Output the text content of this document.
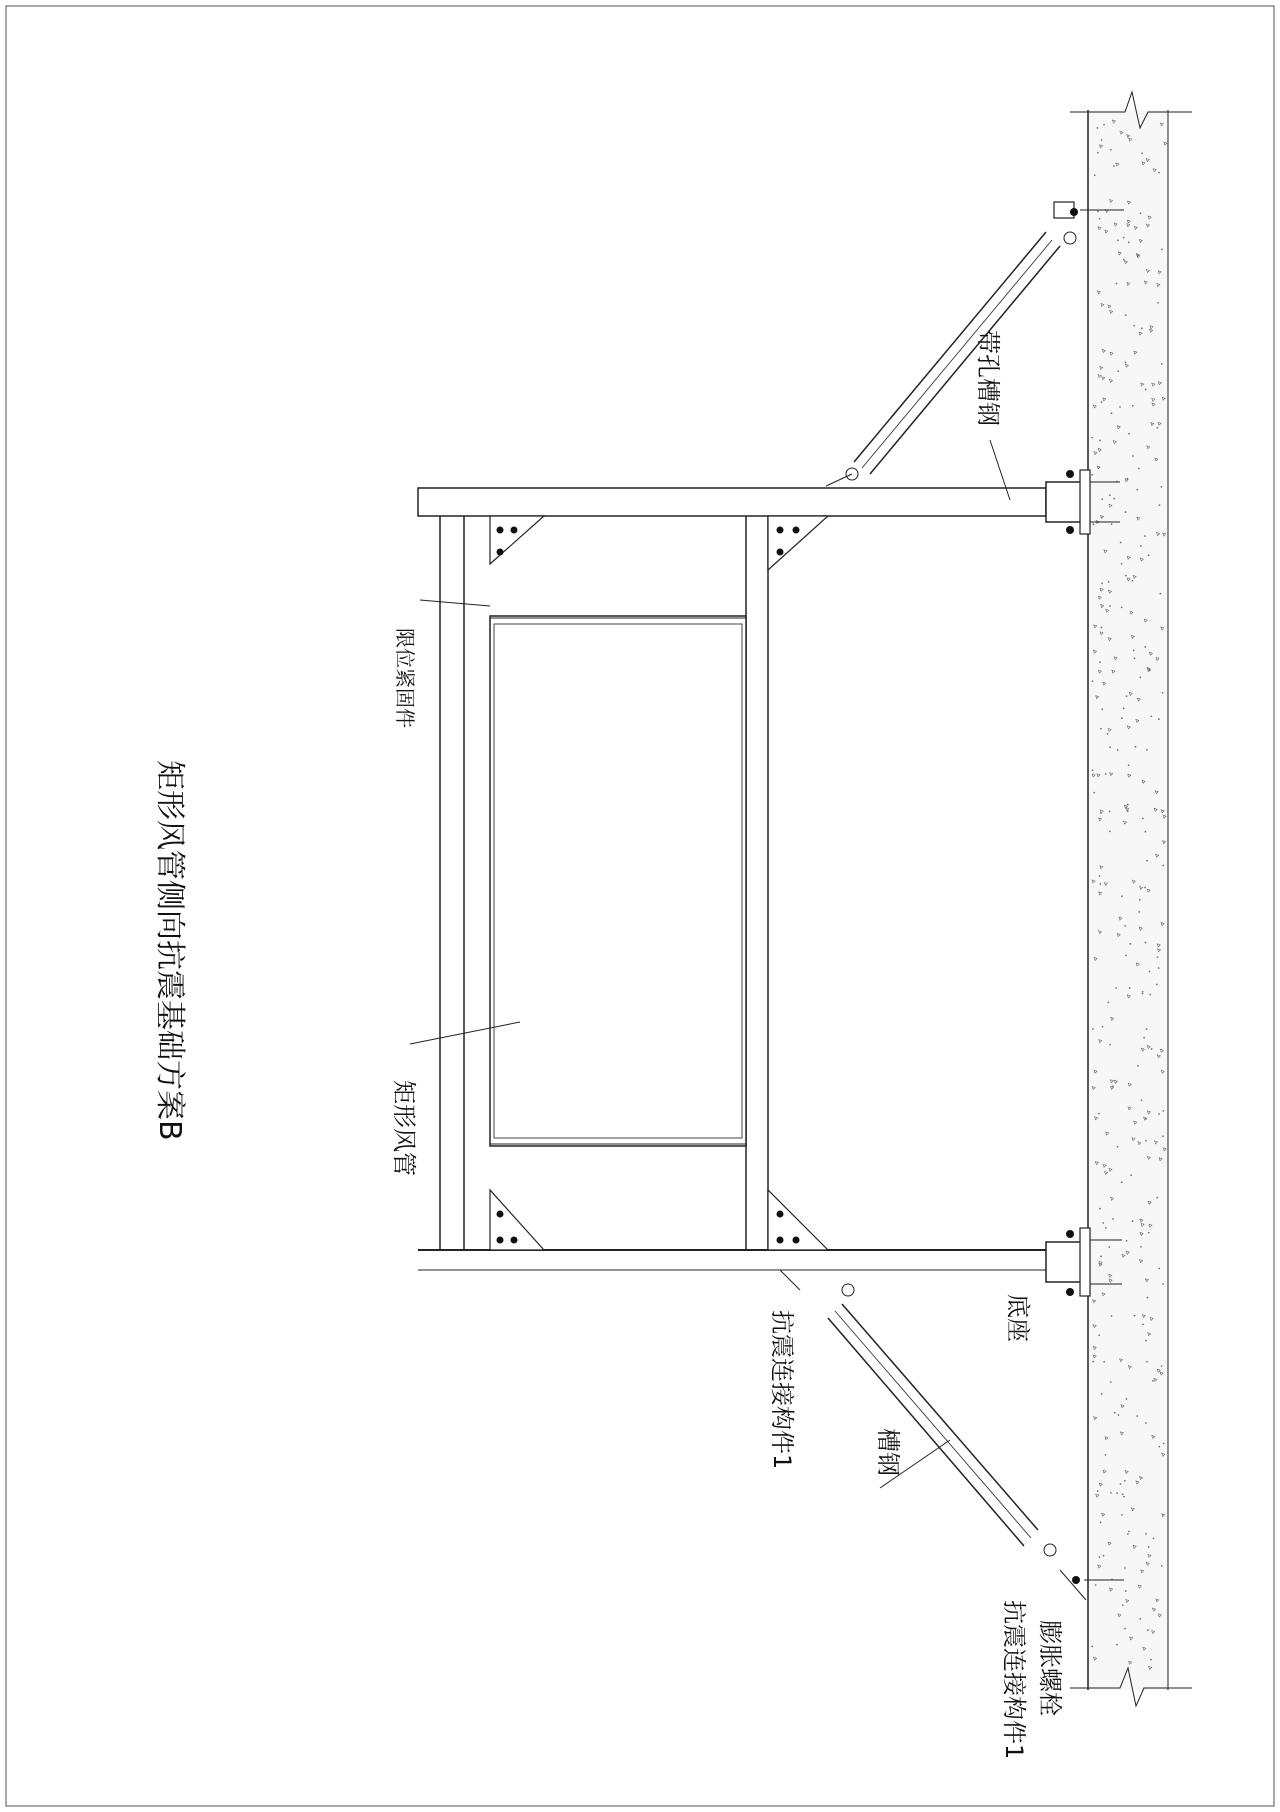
矩形风管侧向抗震基础方案B
带孔槽钢
限位紧固件
矩形风管
底座
抗震连接构件1	槽钢
膨胀螺栓
抗震连接构件1
